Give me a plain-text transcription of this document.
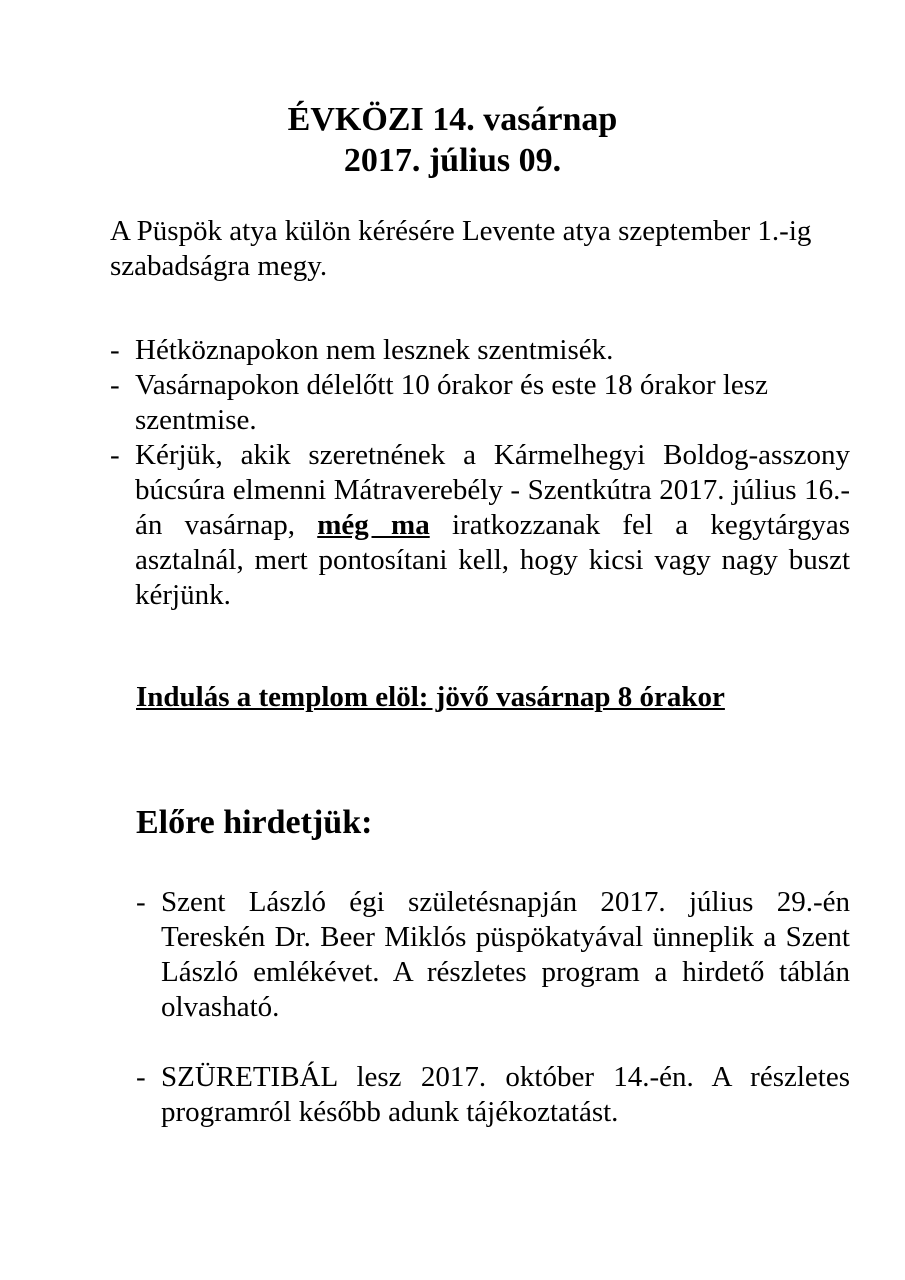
ÉVKÖZI 14. vasárnap
2017. július 09.

A Püspök atya külön kérésére Levente atya szeptember 1.-ig szabadságra megy.

- Hétköznapokon nem lesznek szentmisék.
- Vasárnapokon délelőtt 10 órakor és este 18 órakor lesz szentmise.
- Kérjük, akik szeretnének a Kármelhegyi Boldog-asszony búcsúra elmenni Mátraverebély - Szentkútra 2017. július 16.-án vasárnap, még ma iratkozzanak fel a kegytárgyas asztalnál, mert pontosítani kell, hogy kicsi vagy nagy buszt kérjünk.

Indulás a templom elöl: jövő vasárnap 8 órakor

Előre hirdetjük:
- Szent László égi születésnapján 2017. július 29.-én Tereskén Dr. Beer Miklós püspökatyával ünneplik a Szent László emlékévet. A részletes program a hirdető táblán olvasható.
- SZÜRETIBÁL lesz 2017. október 14.-én. A részletes programról később adunk tájékoztatást.
